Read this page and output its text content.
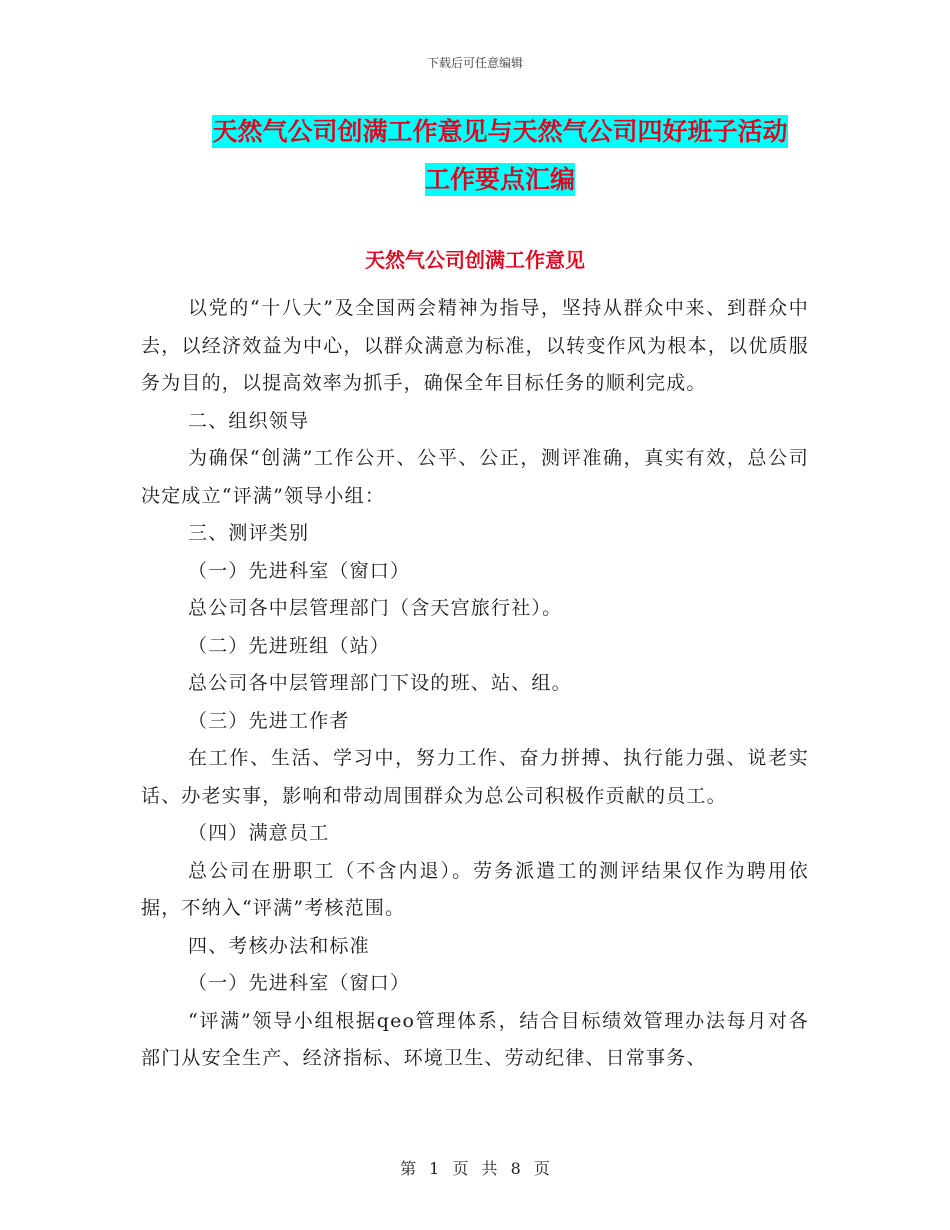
下载后可任意编辑
天然气公司创满工作意见与天然气公司四好班子活动
工作要点汇编
天然气公司创满工作意见

以党的“十八大”及全国两会精神为指导，坚持从群众中来、到群众中去，以经济效益为中心，以群众满意为标准，以转变作风为根本，以优质服务为目的，以提高效率为抓手，确保全年目标任务的顺利完成。

二、组织领导

为确保“创满”工作公开、公平、公正，测评准确，真实有效，总公司决定成立“评满”领导小组：

三、测评类别

（一）先进科室（窗口）

总公司各中层管理部门（含天宫旅行社）。

（二）先进班组（站）

总公司各中层管理部门下设的班、站、组。

（三）先进工作者

在工作、生活、学习中，努力工作、奋力拼搏、执行能力强、说老实话、办老实事，影响和带动周围群众为总公司积极作贡献的员工。

（四）满意员工

总公司在册职工（不含内退）。劳务派遣工的测评结果仅作为聘用依据，不纳入“评满”考核范围。

四、考核办法和标准

（一）先进科室（窗口）

“评满”领导小组根据qeo管理体系，结合目标绩效管理办法每月对各部门从安全生产、经济指标、环境卫生、劳动纪律、日常事务、

第 1 页 共 8 页
